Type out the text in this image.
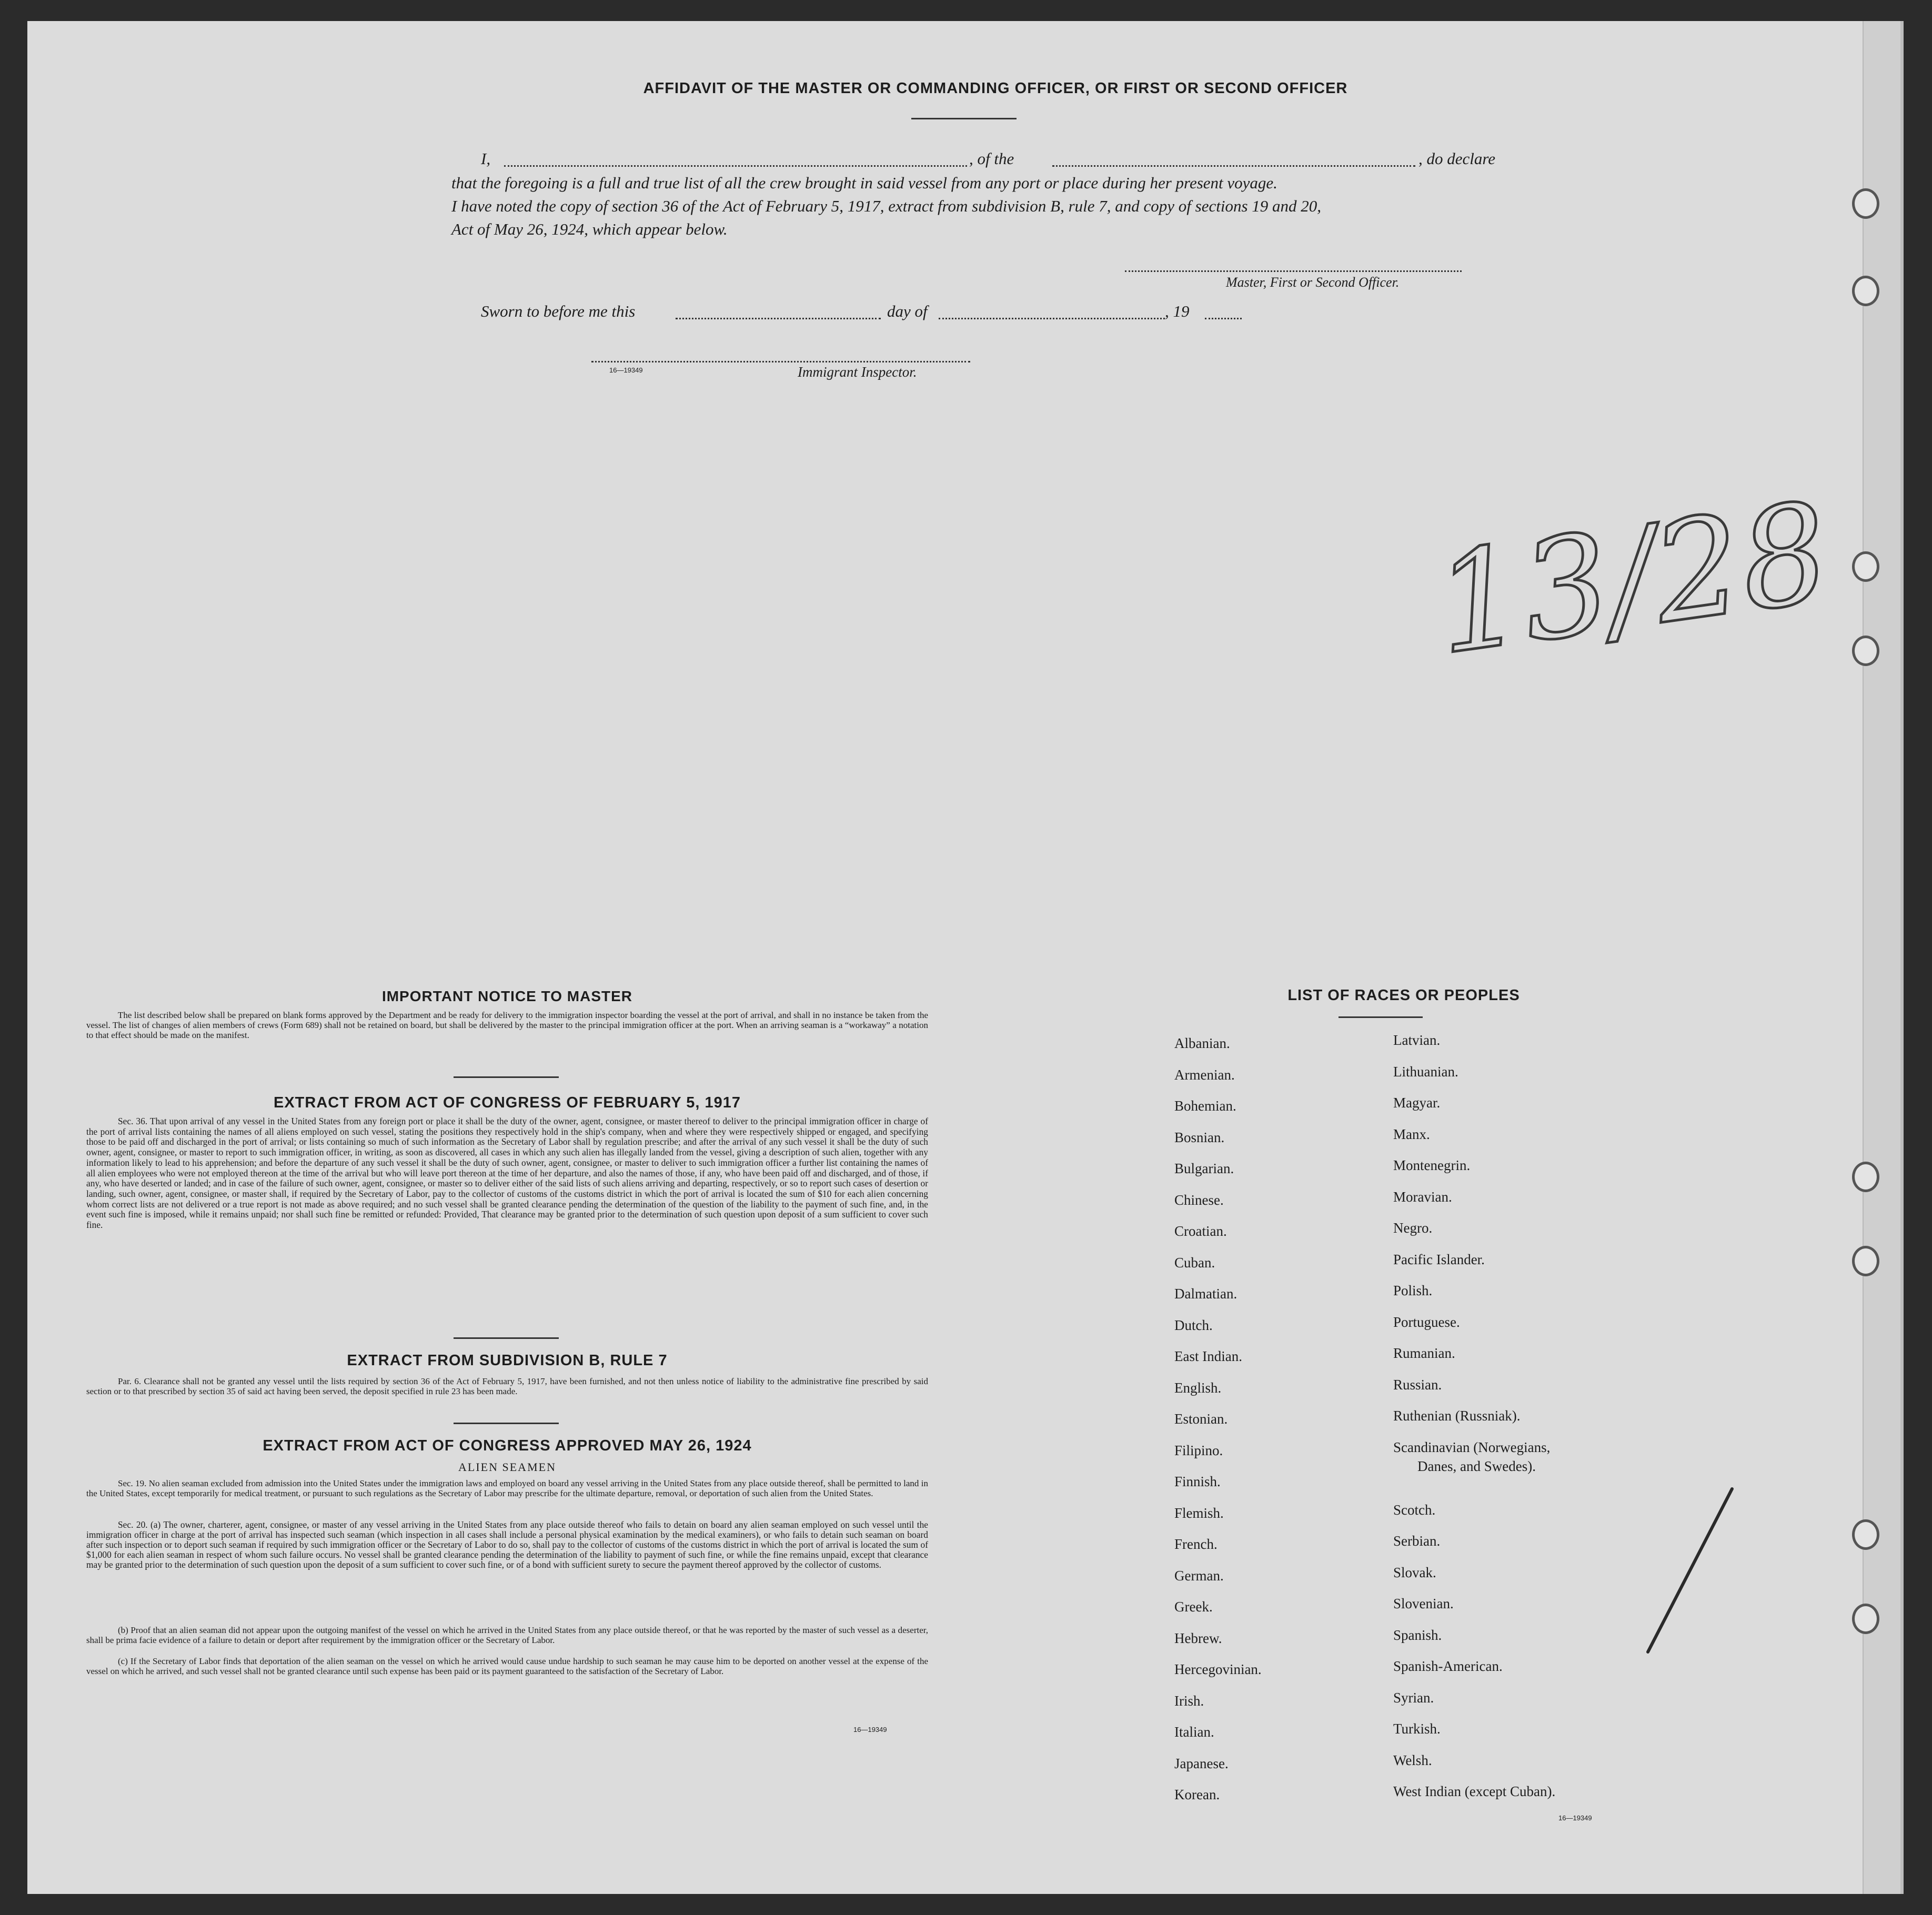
AFFIDAVIT OF THE MASTER OR COMMANDING OFFICER, OR FIRST OR SECOND OFFICER
I,	, of the	, do declare
that the foregoing is a full and true list of all the crew brought in said vessel from any port or place during her present voyage.
I have noted the copy of section 36 of the Act of February 5, 1917, extract from subdivision B, rule 7, and copy of sections 19 and 20,
Act of May 26, 1924, which appear below.
Master, First or Second Officer.
Sworn to before me this	day of	, 19
16—19349	Immigrant Inspector.
13/28
IMPORTANT NOTICE TO MASTER
The list described below shall be prepared on blank forms approved by the Department and be ready for delivery to the immigration inspector boarding the vessel at the port of arrival, and shall in no instance be taken from the vessel. The list of changes of alien members of crews (Form 689) shall not be retained on board, but shall be delivered by the master to the principal immigration officer at the port. When an arriving seaman is a “workaway” a notation to that effect should be made on the manifest.
EXTRACT FROM ACT OF CONGRESS OF FEBRUARY 5, 1917
Sec. 36. That upon arrival of any vessel in the United States from any foreign port or place it shall be the duty of the owner, agent, consignee, or master thereof to deliver to the principal immigration officer in charge of the port of arrival lists containing the names of all aliens employed on such vessel, stating the positions they respectively hold in the ship's company, when and where they were respectively shipped or engaged, and specifying those to be paid off and discharged in the port of arrival; or lists containing so much of such information as the Secretary of Labor shall by regulation prescribe; and after the arrival of any such vessel it shall be the duty of such owner, agent, consignee, or master to report to such immigration officer, in writing, as soon as discovered, all cases in which any such alien has illegally landed from the vessel, giving a description of such alien, together with any information likely to lead to his apprehension; and before the departure of any such vessel it shall be the duty of such owner, agent, consignee, or master to deliver to such immigration officer a further list containing the names of all alien employees who were not employed thereon at the time of the arrival but who will leave port thereon at the time of her departure, and also the names of those, if any, who have been paid off and discharged, and of those, if any, who have deserted or landed; and in case of the failure of such owner, agent, consignee, or master so to deliver either of the said lists of such aliens arriving and departing, respectively, or so to report such cases of desertion or landing, such owner, agent, consignee, or master shall, if required by the Secretary of Labor, pay to the collector of customs of the customs district in which the port of arrival is located the sum of $10 for each alien concerning whom correct lists are not delivered or a true report is not made as above required; and no such vessel shall be granted clearance pending the determination of the question of the liability to the payment of such fine, and, in the event such fine is imposed, while it remains unpaid; nor shall such fine be remitted or refunded: Provided, That clearance may be granted prior to the determination of such question upon deposit of a sum sufficient to cover such fine.
EXTRACT FROM SUBDIVISION B, RULE 7
Par. 6. Clearance shall not be granted any vessel until the lists required by section 36 of the Act of February 5, 1917, have been furnished, and not then unless notice of liability to the administrative fine prescribed by said section or to that prescribed by section 35 of said act having been served, the deposit specified in rule 23 has been made.
EXTRACT FROM ACT OF CONGRESS APPROVED MAY 26, 1924
ALIEN SEAMEN
Sec. 19. No alien seaman excluded from admission into the United States under the immigration laws and employed on board any vessel arriving in the United States from any place outside thereof, shall be permitted to land in the United States, except temporarily for medical treatment, or pursuant to such regulations as the Secretary of Labor may prescribe for the ultimate departure, removal, or deportation of such alien from the United States.
Sec. 20. (a) The owner, charterer, agent, consignee, or master of any vessel arriving in the United States from any place outside thereof who fails to detain on board any alien seaman employed on such vessel until the immigration officer in charge at the port of arrival has inspected such seaman (which inspection in all cases shall include a personal physical examination by the medical examiners), or who fails to detain such seaman on board after such inspection or to deport such seaman if required by such immigration officer or the Secretary of Labor to do so, shall pay to the collector of customs of the customs district in which the port of arrival is located the sum of $1,000 for each alien seaman in respect of whom such failure occurs. No vessel shall be granted clearance pending the determination of the liability to payment of such fine, or while the fine remains unpaid, except that clearance may be granted prior to the determination of such question upon the deposit of a sum sufficient to cover such fine, or of a bond with sufficient surety to secure the payment thereof approved by the collector of customs.
(b) Proof that an alien seaman did not appear upon the outgoing manifest of the vessel on which he arrived in the United States from any place outside thereof, or that he was reported by the master of such vessel as a deserter, shall be prima facie evidence of a failure to detain or deport after requirement by the immigration officer or the Secretary of Labor.
(c) If the Secretary of Labor finds that deportation of the alien seaman on the vessel on which he arrived would cause undue hardship to such seaman he may cause him to be deported on another vessel at the expense of the vessel on which he arrived, and such vessel shall not be granted clearance until such expense has been paid or its payment guaranteed to the satisfaction of the Secretary of Labor.
16—19349
LIST OF RACES OR PEOPLES
Albanian.
Armenian.
Bohemian.
Bosnian.
Bulgarian.
Chinese.
Croatian.
Cuban.
Dalmatian.
Dutch.
East Indian.
English.
Estonian.
Filipino.
Finnish.
Flemish.
French.
German.
Greek.
Hebrew.
Hercegovinian.
Irish.
Italian.
Japanese.
Korean.
Latvian.
Lithuanian.
Magyar.
Manx.
Montenegrin.
Moravian.
Negro.
Pacific Islander.
Polish.
Portuguese.
Rumanian.
Russian.
Ruthenian (Russniak).
Scandinavian (Norwegians,
Danes, and Swedes).
Scotch.
Serbian.
Slovak.
Slovenian.
Spanish.
Spanish-American.
Syrian.
Turkish.
Welsh.
West Indian (except Cuban).
16—19349
